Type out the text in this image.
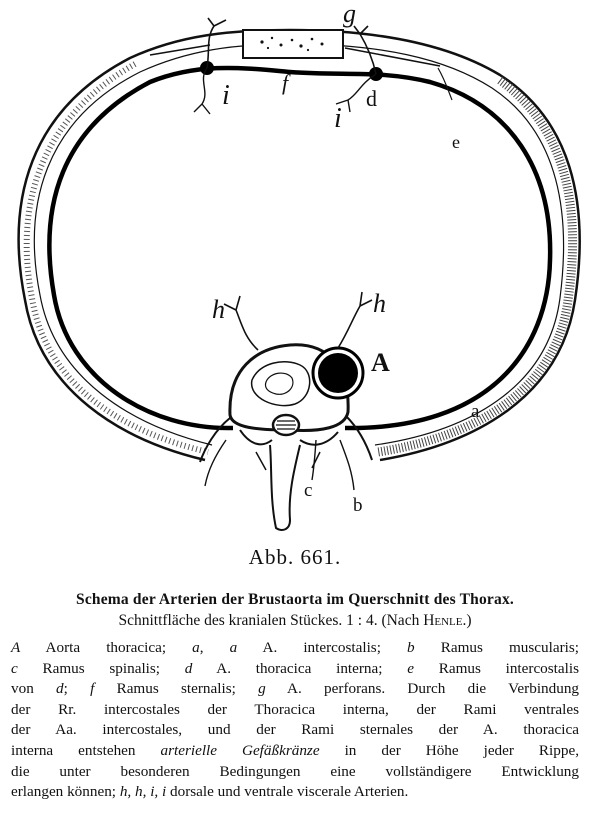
g
f
i
i
d
e
h	h
A
a
b
c
Abb. 661.
Schema der Arterien der Brustaorta im Querschnitt des Thorax.
Schnittfläche des kranialen Stückes. 1 : 4. (Nach Henle.)
A Aorta thoracica; a, a A. intercostalis; b Ramus muscularis;
c Ramus spinalis; d A. thoracica interna; e Ramus intercostalis
von d; f Ramus sternalis; g A. perforans. Durch die Verbindung
der Rr. intercostales der Thoracica interna, der Rami ventrales
der Aa. intercostales, und der Rami sternales der A. thoracica
interna entstehen arterielle Gefäßkränze in der Höhe jeder Rippe,
die unter besonderen Bedingungen eine vollständigere Entwicklung
erlangen können; h, h, i, i dorsale und ventrale viscerale Arterien.
